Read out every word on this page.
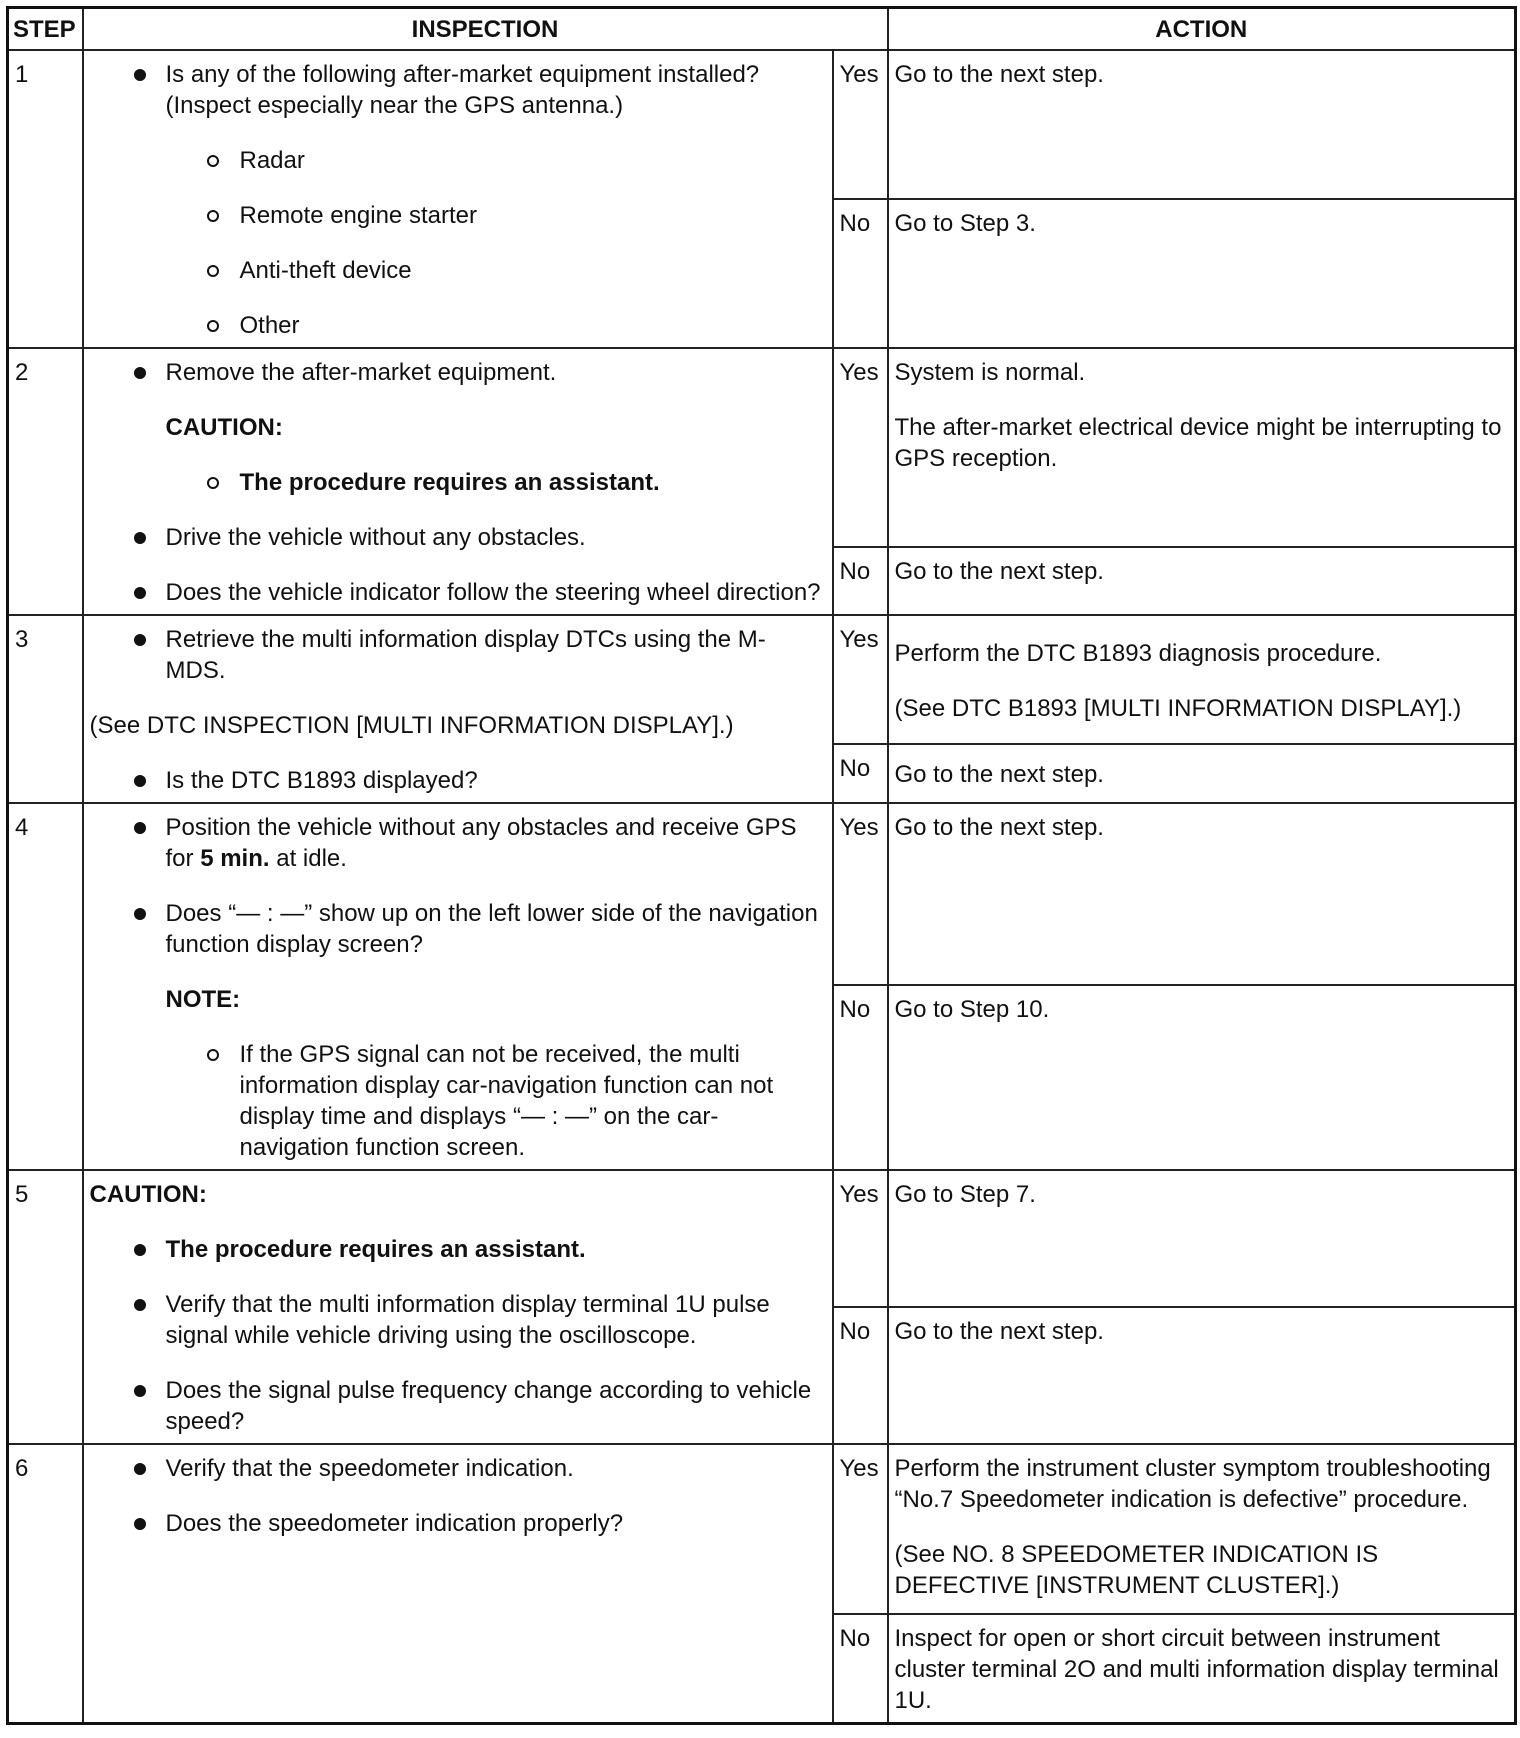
STEP	INSPECTION		ACTION
1	Is any of the following after-market equipment installed? (Inspect especially near the GPS antenna.)
Radar
Remote engine starter
Anti-theft device
Other	Yes	Go to the next step.
		No	Go to Step 3.
2	Remove the after-market equipment.
CAUTION:
The procedure requires an assistant.
Drive the vehicle without any obstacles.
Does the vehicle indicator follow the steering wheel direction?	Yes	System is normal.
The after-market electrical device might be interrupting to GPS reception.

		No	Go to the next step.
3	Retrieve the multi information display DTCs using the M-MDS.
(See DTC INSPECTION [MULTI INFORMATION DISPLAY].)
Is the DTC B1893 displayed?	Yes	Perform the DTC B1893 diagnosis procedure.
(See DTC B1893 [MULTI INFORMATION DISPLAY].)

		No	Go to the next step.
4	Position the vehicle without any obstacles and receive GPS for 5 min. at idle.
Does “— : —” show up on the left lower side of the navigation function display screen?
NOTE:
If the GPS signal can not be received, the multi information display car-navigation function can not display time and displays “— : —” on the car-navigation function screen.	Yes	Go to the next step.
		No	Go to Step 10.
5	CAUTION:
The procedure requires an assistant.
Verify that the multi information display terminal 1U pulse signal while vehicle driving using the oscilloscope.
Does the signal pulse frequency change according to vehicle speed?	Yes	Go to Step 7.
		No	Go to the next step.
6	Verify that the speedometer indication.
Does the speedometer indication properly?	Yes	Perform the instrument cluster symptom troubleshooting “No.7 Speedometer indication is defective” procedure.
(See NO. 8 SPEEDOMETER INDICATION IS DEFECTIVE [INSTRUMENT CLUSTER].)

		No	Inspect for open or short circuit between instrument cluster terminal 2O and multi information display terminal 1U.
